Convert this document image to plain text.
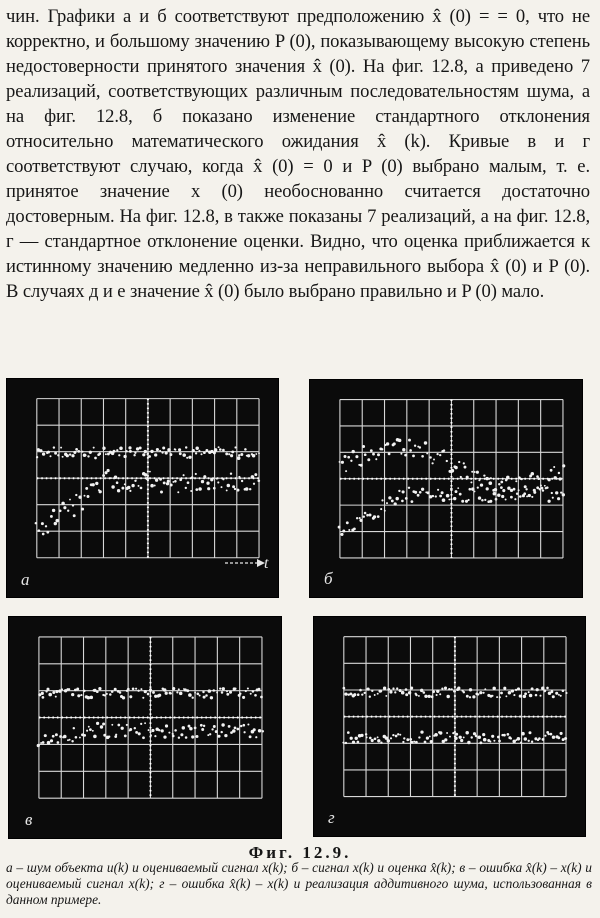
чин. Графики а и б соответствуют предположению x̂ (0) = = 0, что не корректно, и большому значению P (0), показывающему высокую степень недостоверности принятого значения x̂ (0). На фиг. 12.8, а приведено 7 реализаций, соответствующих различным последовательностям шума, а на фиг. 12.8, б показано изменение стандартного отклонения относительно математического ожидания x̂ (k). Кривые в и г соответствуют случаю, когда x̂ (0) = 0 и P (0) выбрано малым, т. е. принятое значение x (0) необоснованно считается достаточно достоверным. На фиг. 12.8, в также показаны 7 реализаций, а на фиг. 12.8, г — стандартное отклонение оценки. Видно, что оценка приближается к истинному значению медленно из-за неправильного выбора x̂ (0) и P (0). В случаях д и е значение x̂ (0) было выбрано правильно и P (0) мало.

а
t
б
в	г
Фиг. 12.9.

а – шум объекта u(k) и оцениваемый сигнал x(k); б – сигнал x(k) и оценка x̂(k); в – ошибка x̂(k) – x(k) и оцениваемый сигнал x(k); г – ошибка x̂(k) – x(k) и реализация аддитивного шума, использованная в данном примере.
